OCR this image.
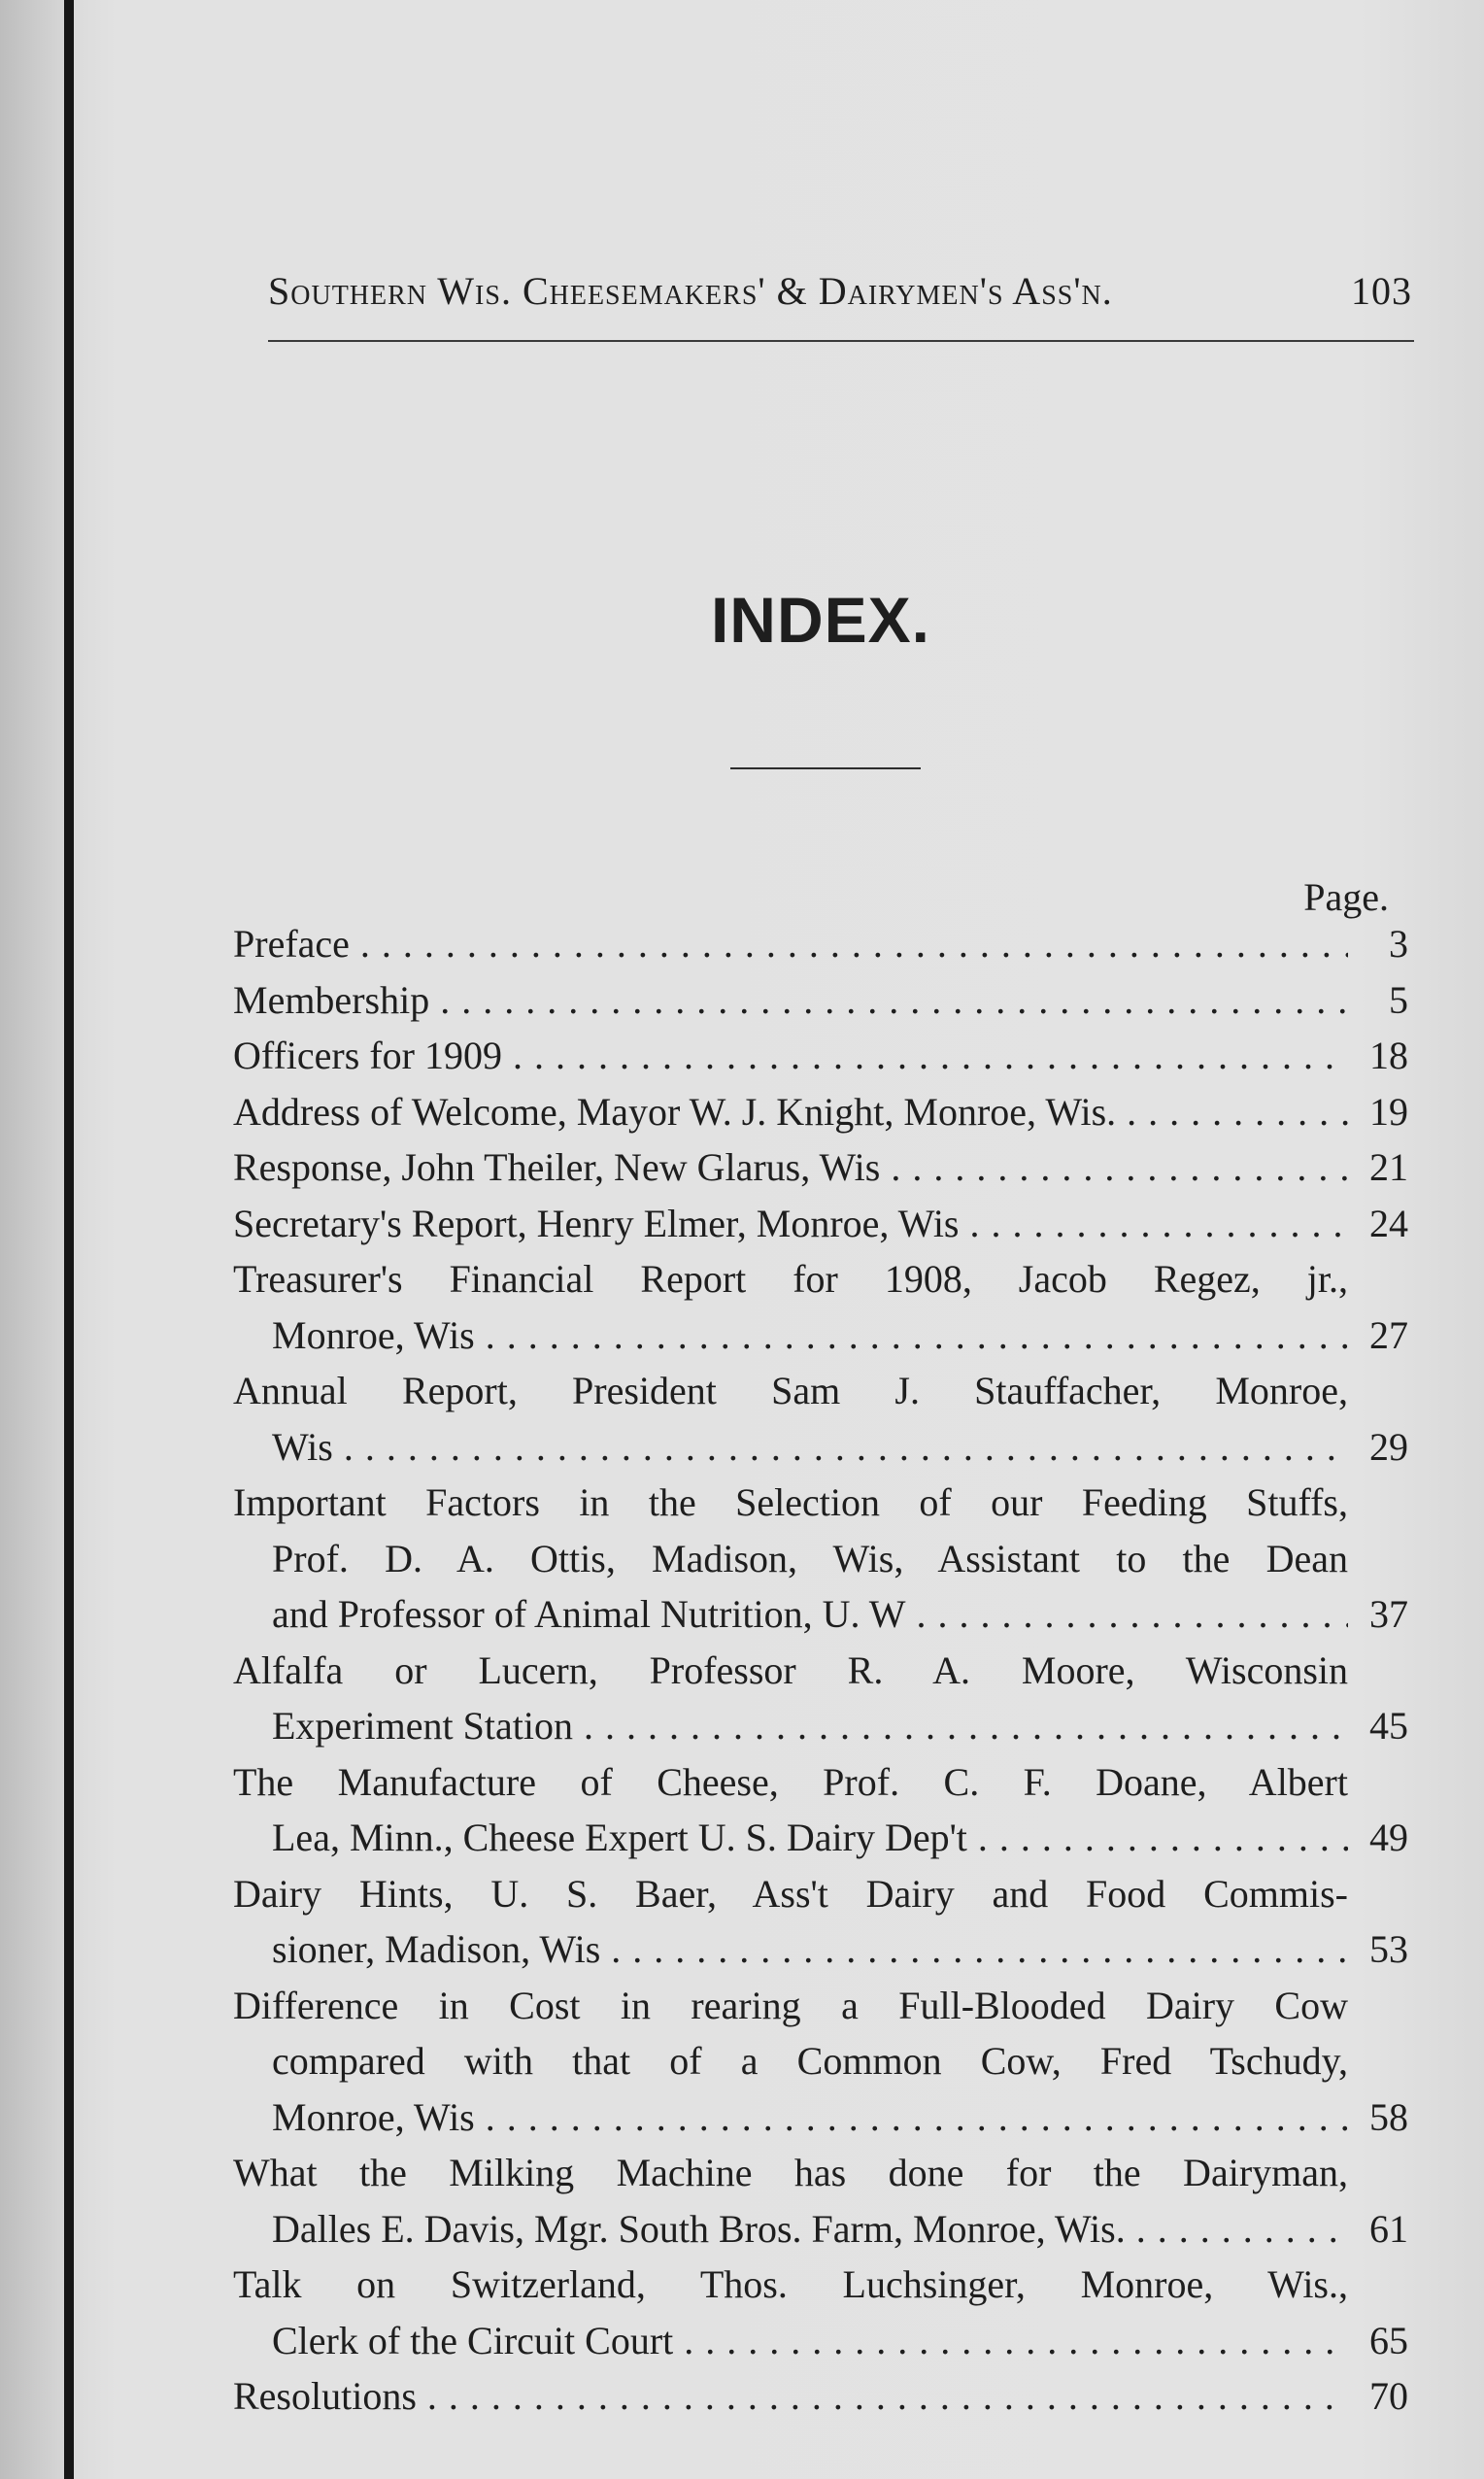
Southern Wis. Cheesemakers' & Dairymen's Ass'n.	103
INDEX.
Page.
Preface . . .	3
Membership . . .	5
Officers for 1909 . . .	18
Address of Welcome, Mayor W. J. Knight, Monroe, Wis. . . .	19
Response, John Theiler, New Glarus, Wis . . .	21
Secretary's Report, Henry Elmer, Monroe, Wis . . .	24
Treasurer's Financial Report for 1908, Jacob Regez, jr.,
Monroe, Wis . . .	27
Annual Report, President Sam J. Stauffacher, Monroe,
Wis . . .	29
Important Factors in the Selection of our Feeding Stuffs,
Prof. D. A. Ottis, Madison, Wis, Assistant to the Dean
and Professor of Animal Nutrition, U. W . . .	37
Alfalfa or Lucern, Professor R. A. Moore, Wisconsin
Experiment Station . . .	45
The Manufacture of Cheese, Prof. C. F. Doane, Albert
Lea, Minn., Cheese Expert U. S. Dairy Dep't . . .	49
Dairy Hints, U. S. Baer, Ass't Dairy and Food Commis-
sioner, Madison, Wis . . .	53
Difference in Cost in rearing a Full-Blooded Dairy Cow
compared with that of a Common Cow, Fred Tschudy,
Monroe, Wis . . .	58
What the Milking Machine has done for the Dairyman,
Dalles E. Davis, Mgr. South Bros. Farm, Monroe, Wis. . . .	61
Talk on Switzerland, Thos. Luchsinger, Monroe, Wis.,
Clerk of the Circuit Court . . .	65
Resolutions . . .	70
